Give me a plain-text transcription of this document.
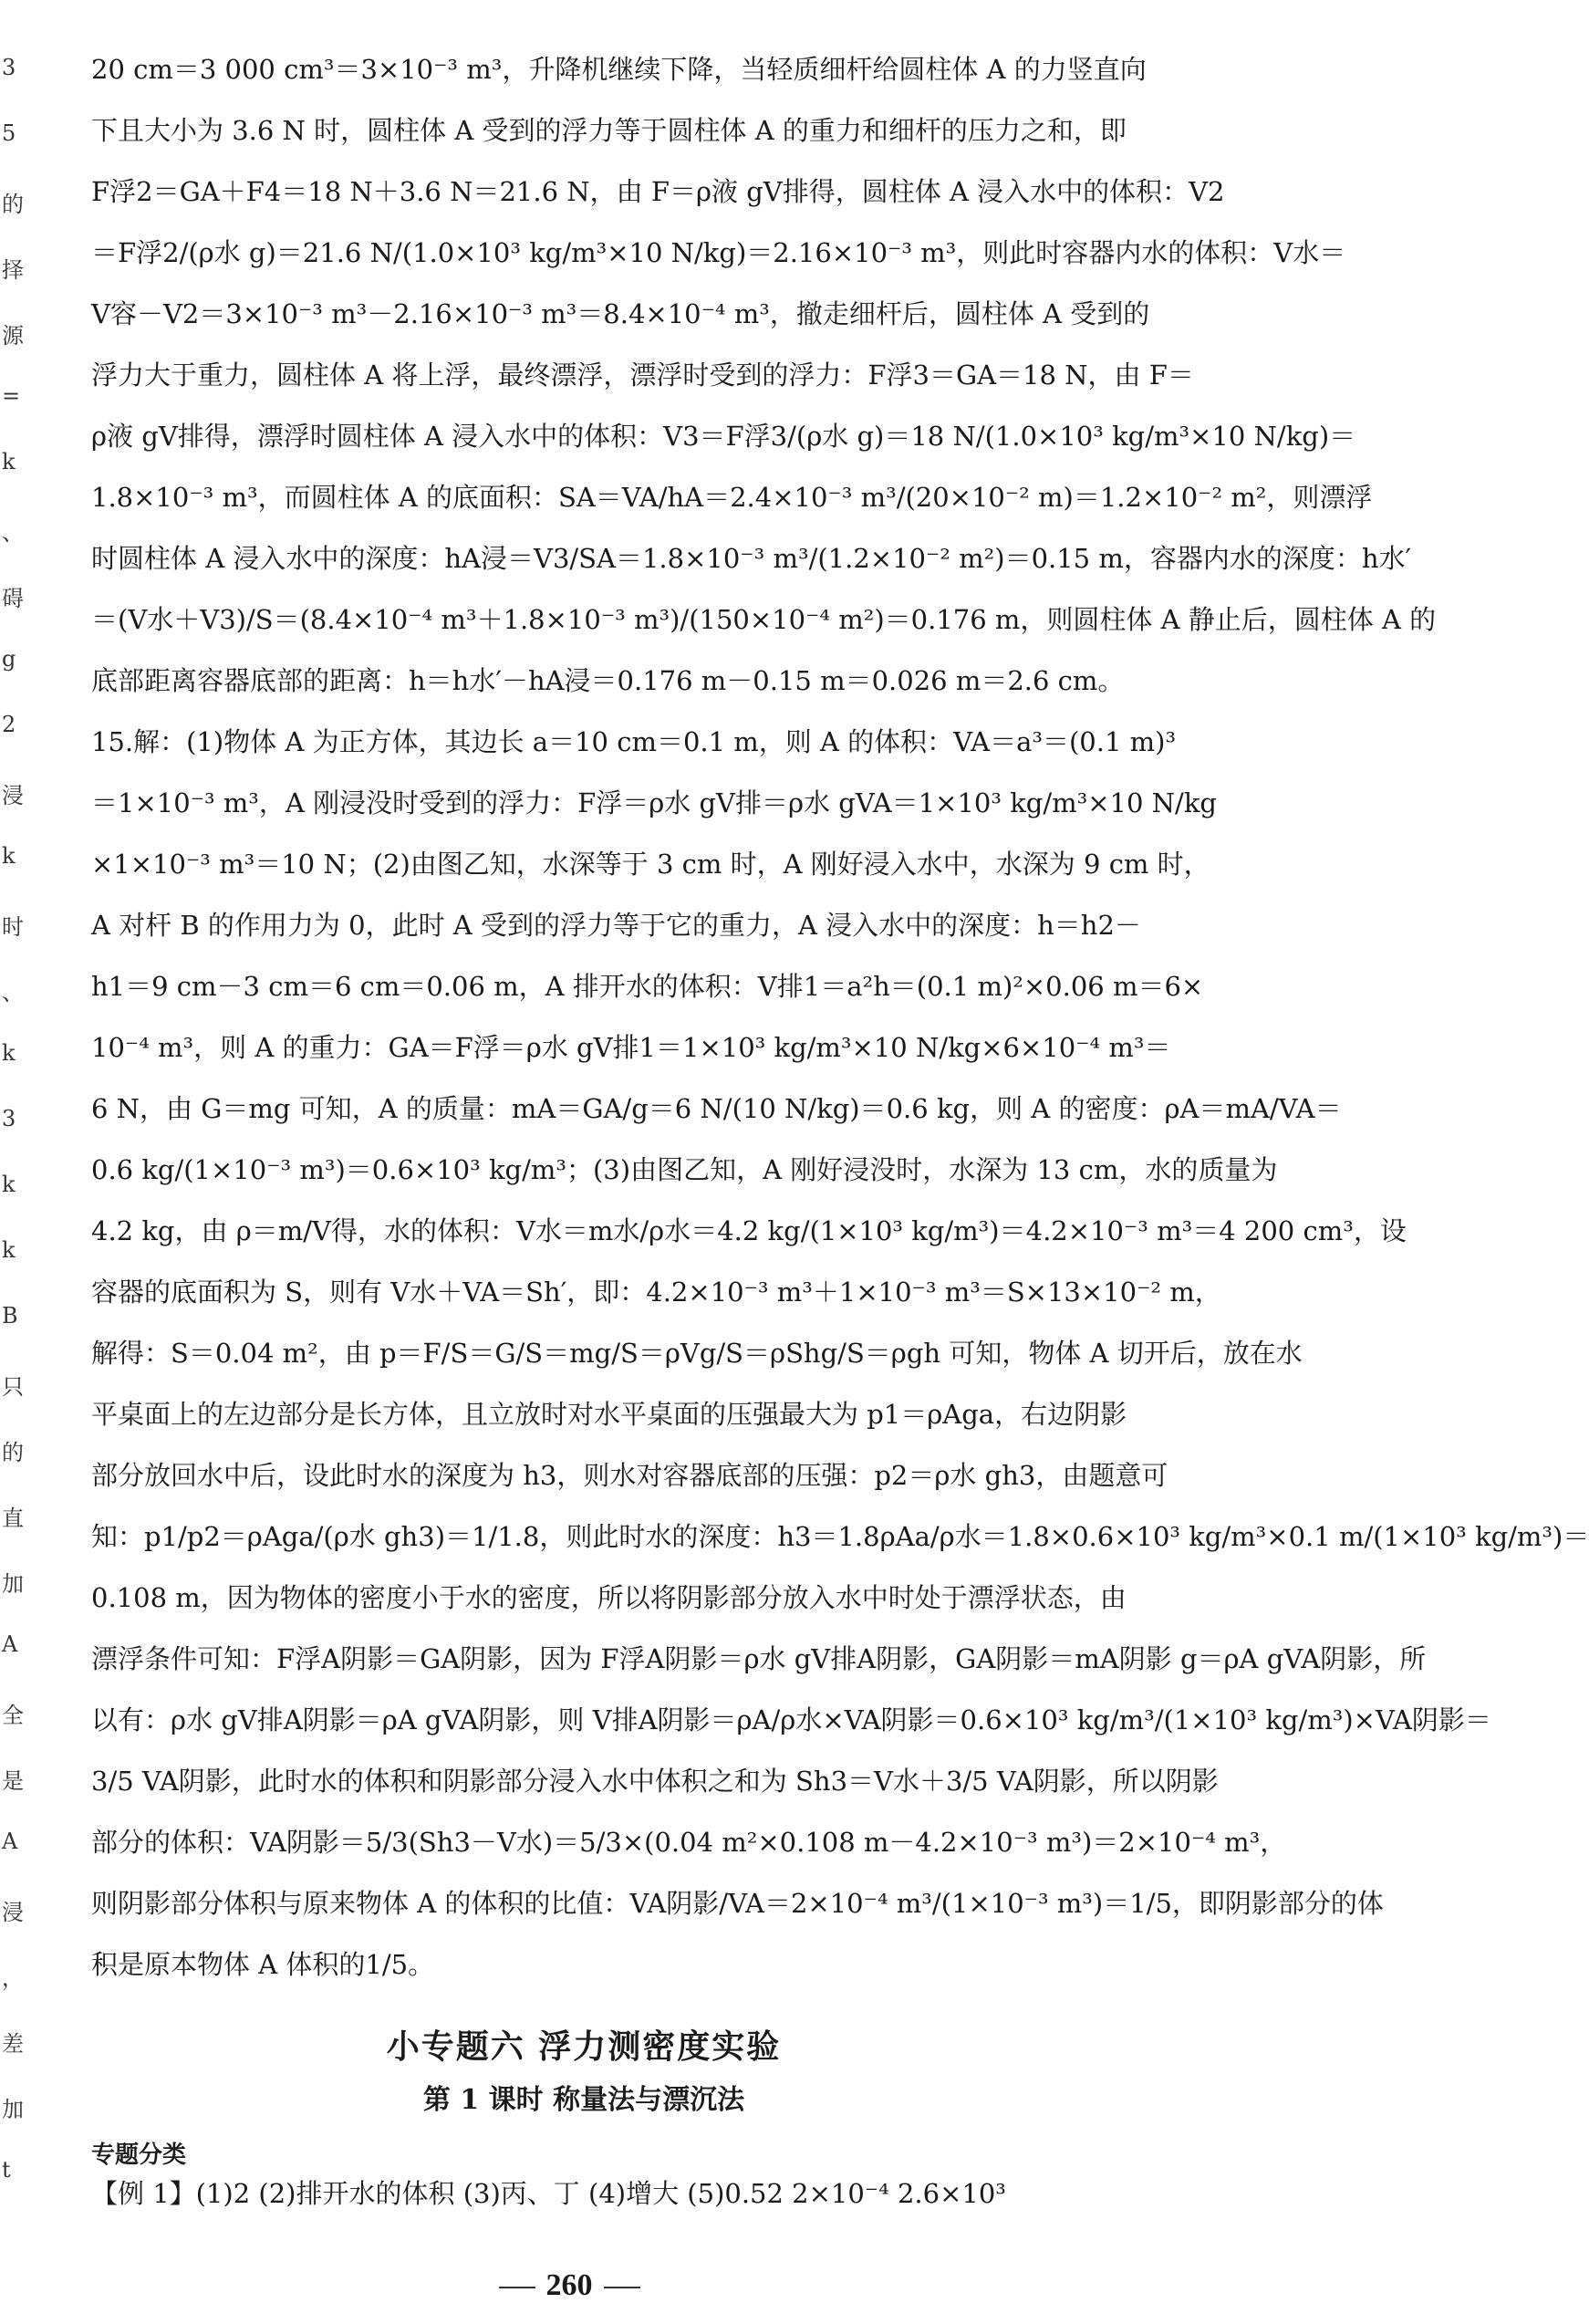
3
5
的
择
源
=
k
、
碍
g
2
浸
k
时
、
k
3
k
k
B
只
的
直
加
A
全
是
A
浸
，
差
加
t
20 cm＝3 000 cm³＝3×10⁻³ m³，升降机继续下降，当轻质细杆给圆柱体 A 的力竖直向
下且大小为 3.6 N 时，圆柱体 A 受到的浮力等于圆柱体 A 的重力和细杆的压力之和，即
F浮2＝GA＋F4＝18 N＋3.6 N＝21.6 N，由 F＝ρ液 gV排得，圆柱体 A 浸入水中的体积：V2
＝F浮2/(ρ水 g)＝21.6 N/(1.0×10³ kg/m³×10 N/kg)＝2.16×10⁻³ m³，则此时容器内水的体积：V水＝
V容－V2＝3×10⁻³ m³－2.16×10⁻³ m³＝8.4×10⁻⁴ m³，撤走细杆后，圆柱体 A 受到的
浮力大于重力，圆柱体 A 将上浮，最终漂浮，漂浮时受到的浮力：F浮3＝GA＝18 N，由 F＝
ρ液 gV排得，漂浮时圆柱体 A 浸入水中的体积：V3＝F浮3/(ρ水 g)＝18 N/(1.0×10³ kg/m³×10 N/kg)＝
1.8×10⁻³ m³，而圆柱体 A 的底面积：SA＝VA/hA＝2.4×10⁻³ m³/(20×10⁻² m)＝1.2×10⁻² m²，则漂浮
时圆柱体 A 浸入水中的深度：hA浸＝V3/SA＝1.8×10⁻³ m³/(1.2×10⁻² m²)＝0.15 m，容器内水的深度：h水′
＝(V水＋V3)/S＝(8.4×10⁻⁴ m³＋1.8×10⁻³ m³)/(150×10⁻⁴ m²)＝0.176 m，则圆柱体 A 静止后，圆柱体 A 的
底部距离容器底部的距离：h＝h水′－hA浸＝0.176 m－0.15 m＝0.026 m＝2.6 cm。
15.解：(1)物体 A 为正方体，其边长 a＝10 cm＝0.1 m，则 A 的体积：VA＝a³＝(0.1 m)³
＝1×10⁻³ m³，A 刚浸没时受到的浮力：F浮＝ρ水 gV排＝ρ水 gVA＝1×10³ kg/m³×10 N/kg
×1×10⁻³ m³＝10 N；(2)由图乙知，水深等于 3 cm 时，A 刚好浸入水中，水深为 9 cm 时，
A 对杆 B 的作用力为 0，此时 A 受到的浮力等于它的重力，A 浸入水中的深度：h＝h2－
h1＝9 cm－3 cm＝6 cm＝0.06 m，A 排开水的体积：V排1＝a²h＝(0.1 m)²×0.06 m＝6×
10⁻⁴ m³，则 A 的重力：GA＝F浮＝ρ水 gV排1＝1×10³ kg/m³×10 N/kg×6×10⁻⁴ m³＝
6 N，由 G＝mg 可知，A 的质量：mA＝GA/g＝6 N/(10 N/kg)＝0.6 kg，则 A 的密度：ρA＝mA/VA＝
0.6 kg/(1×10⁻³ m³)＝0.6×10³ kg/m³；(3)由图乙知，A 刚好浸没时，水深为 13 cm，水的质量为
4.2 kg，由 ρ＝m/V得，水的体积：V水＝m水/ρ水＝4.2 kg/(1×10³ kg/m³)＝4.2×10⁻³ m³＝4 200 cm³，设
容器的底面积为 S，则有 V水＋VA＝Sh′，即：4.2×10⁻³ m³＋1×10⁻³ m³＝S×13×10⁻² m，
解得：S＝0.04 m²，由 p＝F/S＝G/S＝mg/S＝ρVg/S＝ρShg/S＝ρgh 可知，物体 A 切开后，放在水
平桌面上的左边部分是长方体，且立放时对水平桌面的压强最大为 p1＝ρAga，右边阴影
部分放回水中后，设此时水的深度为 h3，则水对容器底部的压强：p2＝ρ水 gh3，由题意可
知：p1/p2＝ρAga/(ρ水 gh3)＝1/1.8，则此时水的深度：h3＝1.8ρAa/ρ水＝1.8×0.6×10³ kg/m³×0.1 m/(1×10³ kg/m³)＝
0.108 m，因为物体的密度小于水的密度，所以将阴影部分放入水中时处于漂浮状态，由
漂浮条件可知：F浮A阴影＝GA阴影，因为 F浮A阴影＝ρ水 gV排A阴影，GA阴影＝mA阴影 g＝ρA gVA阴影，所
以有：ρ水 gV排A阴影＝ρA gVA阴影，则 V排A阴影＝ρA/ρ水×VA阴影＝0.6×10³ kg/m³/(1×10³ kg/m³)×VA阴影＝
3/5 VA阴影，此时水的体积和阴影部分浸入水中体积之和为 Sh3＝V水＋3/5 VA阴影，所以阴影
部分的体积：VA阴影＝5/3(Sh3－V水)＝5/3×(0.04 m²×0.108 m－4.2×10⁻³ m³)＝2×10⁻⁴ m³，
则阴影部分体积与原来物体 A 的体积的比值：VA阴影/VA＝2×10⁻⁴ m³/(1×10⁻³ m³)＝1/5，即阴影部分的体
积是原本物体 A 体积的1/5。
小专题六 浮力测密度实验
第 1 课时 称量法与漂沉法
专题分类
【例 1】(1)2 (2)排开水的体积 (3)丙、丁 (4)增大 (5)0.52 2×10⁻⁴ 2.6×10³
260
